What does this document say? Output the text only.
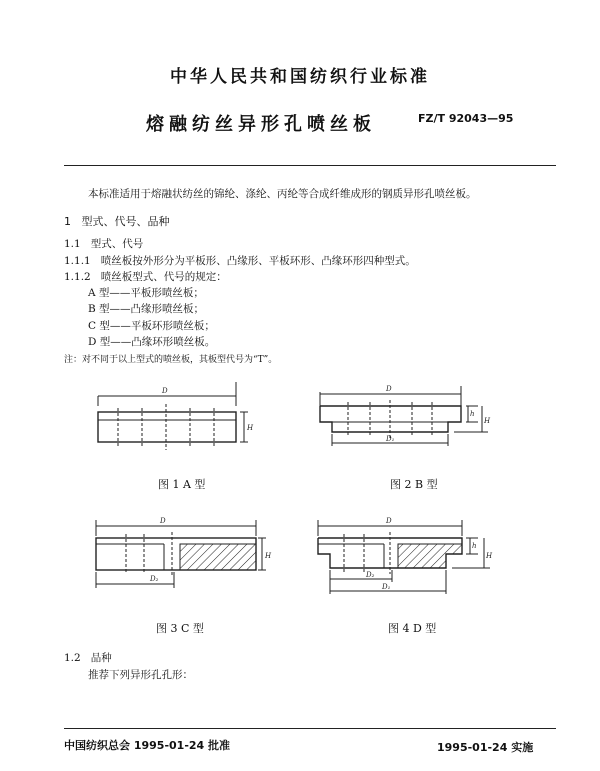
中华人民共和国纺织行业标准
熔融纺丝异形孔喷丝板	FZ/T 92043—95
本标准适用于熔融状纺丝的锦纶、涤纶、丙纶等合成纤维成形的钢质异形孔喷丝板。
1 型式、代号、品种
1.1 型式、代号
1.1.1 喷丝板按外形分为平板形、凸缘形、平板环形、凸缘环形四种型式。
1.1.2 喷丝板型式、代号的规定：
A 型——平板形喷丝板；
B 型——凸缘形喷丝板；
C 型——平板环形喷丝板；
D 型——凸缘环形喷丝板。
注：对不同于以上型式的喷丝板，其板型代号为“T”。
D
H
图 1 A 型
D
D₁
h
H
图 2 B 型
D
D₂
H
图 3 C 型
D
D₂
D₁
h
H
图 4 D 型
1.2 品种
推荐下列异形孔孔形：
中国纺织总会 1995-01-24 批准	1995-01-24 实施
